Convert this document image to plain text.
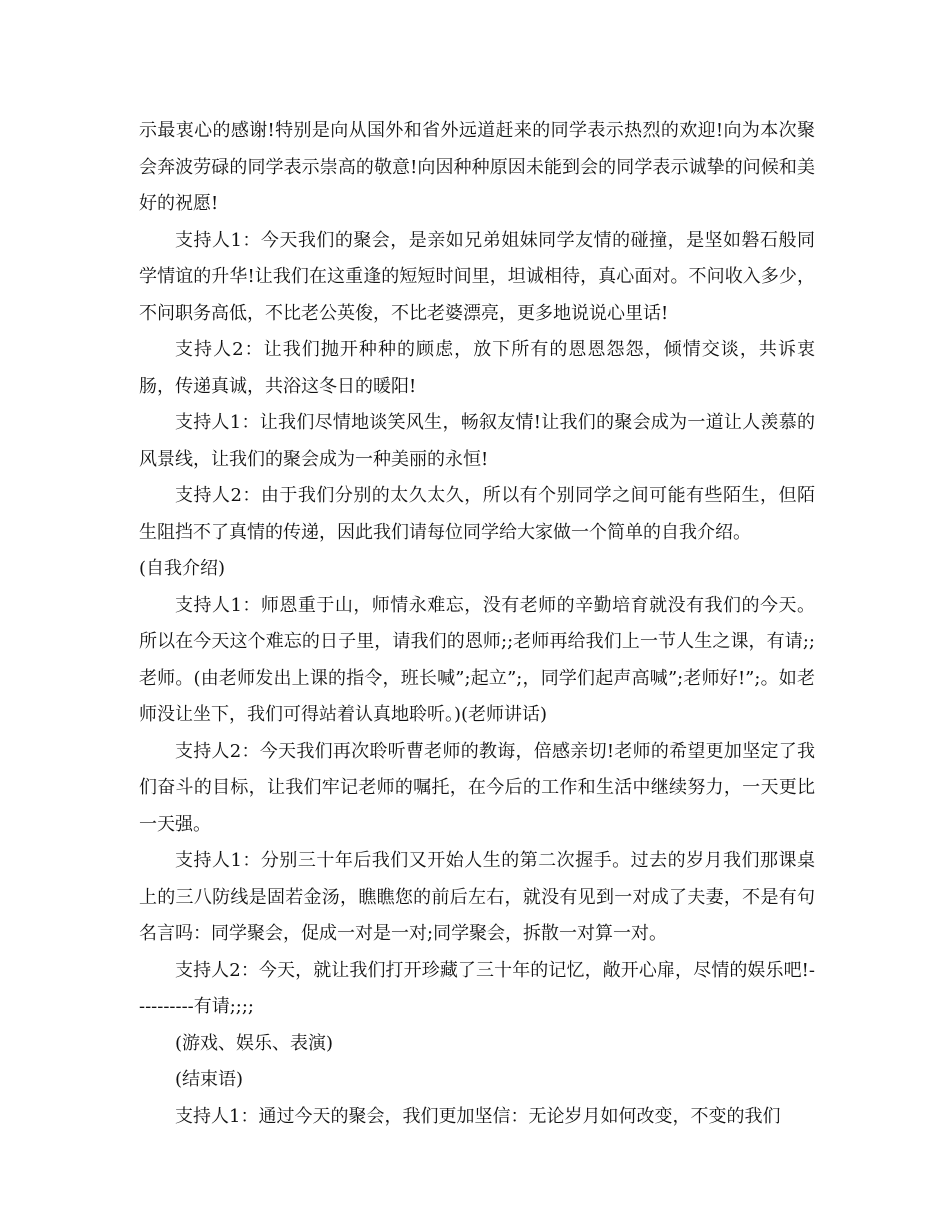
示最衷心的感谢!特别是向从国外和省外远道赶来的同学表示热烈的欢迎!向为本次聚会奔波劳碌的同学表示崇高的敬意!向因种种原因未能到会的同学表示诚挚的问候和美好的祝愿!

支持人1：今天我们的聚会，是亲如兄弟姐妹同学友情的碰撞，是坚如磐石般同学情谊的升华!让我们在这重逢的短短时间里，坦诚相待，真心面对。不问收入多少，不问职务高低，不比老公英俊，不比老婆漂亮，更多地说说心里话!

支持人2：让我们抛开种种的顾虑，放下所有的恩恩怨怨，倾情交谈，共诉衷肠，传递真诚，共浴这冬日的暖阳!

支持人1：让我们尽情地谈笑风生，畅叙友情!让我们的聚会成为一道让人羡慕的风景线，让我们的聚会成为一种美丽的永恒!

支持人2：由于我们分别的太久太久，所以有个别同学之间可能有些陌生，但陌生阻挡不了真情的传递，因此我们请每位同学给大家做一个简单的自我介绍。

(自我介绍)

支持人1：师恩重于山，师情永难忘，没有老师的辛勤培育就没有我们的今天。所以在今天这个难忘的日子里，请我们的恩师;;老师再给我们上一节人生之课，有请;;老师。(由老师发出上课的指令，班长喊”;起立”;，同学们起声高喊”;老师好!”;。如老师没让坐下，我们可得站着认真地聆听。)(老师讲话)

支持人2：今天我们再次聆听曹老师的教诲，倍感亲切!老师的希望更加坚定了我们奋斗的目标，让我们牢记老师的嘱托，在今后的工作和生活中继续努力，一天更比一天强。

支持人1：分别三十年后我们又开始人生的第二次握手。过去的岁月我们那课桌上的三八防线是固若金汤，瞧瞧您的前后左右，就没有见到一对成了夫妻，不是有句名言吗：同学聚会，促成一对是一对;同学聚会，拆散一对算一对。

支持人2：今天，就让我们打开珍藏了三十年的记忆，敞开心扉，尽情的娱乐吧!----------有请;;;;

(游戏、娱乐、表演)

(结束语)

支持人1：通过今天的聚会，我们更加坚信：无论岁月如何改变，不变的我们
